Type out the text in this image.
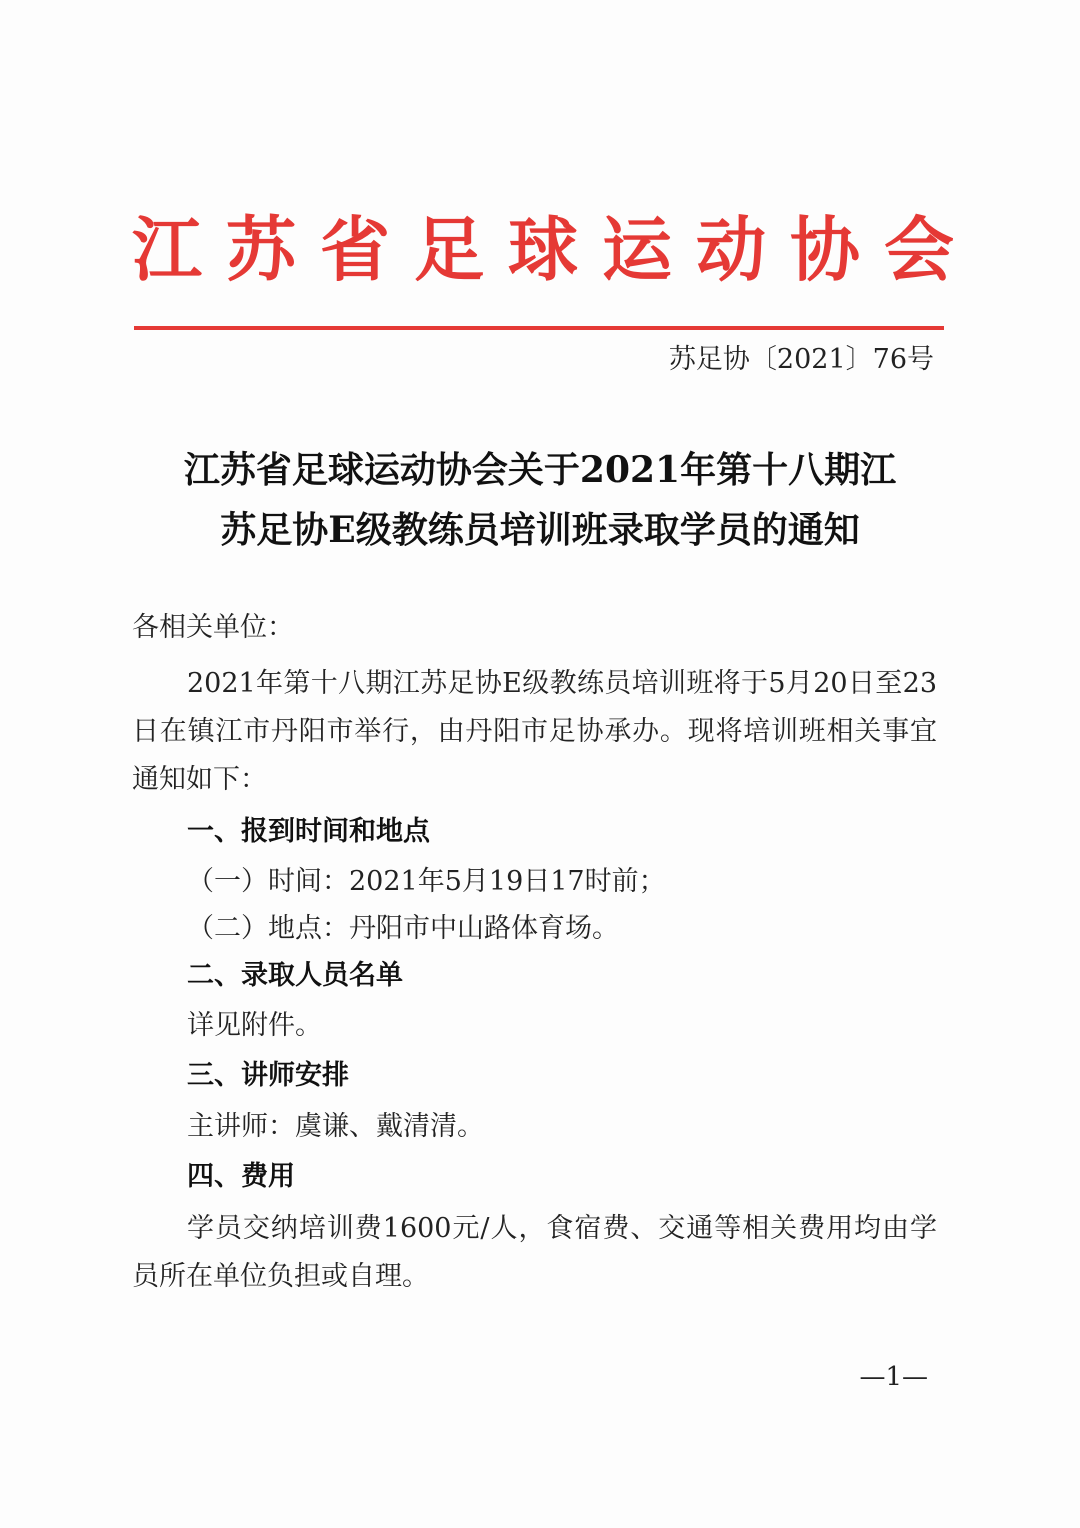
江苏省足球运动协会
苏足协〔2021〕76号
江苏省足球运动协会关于2021年第十八期江
苏足协E级教练员培训班录取学员的通知
各相关单位：
2021年第十八期江苏足协E级教练员培训班将于5月20日至23日在镇江市丹阳市举行，由丹阳市足协承办。现将培训班相关事宜通知如下：
一、报到时间和地点
（一）时间：2021年5月19日17时前；
（二）地点：丹阳市中山路体育场。
二、录取人员名单
详见附件。
三、讲师安排
主讲师：虞谦、戴清清。
四、费用
学员交纳培训费1600元/人，食宿费、交通等相关费用均由学员所在单位负担或自理。
—1—
